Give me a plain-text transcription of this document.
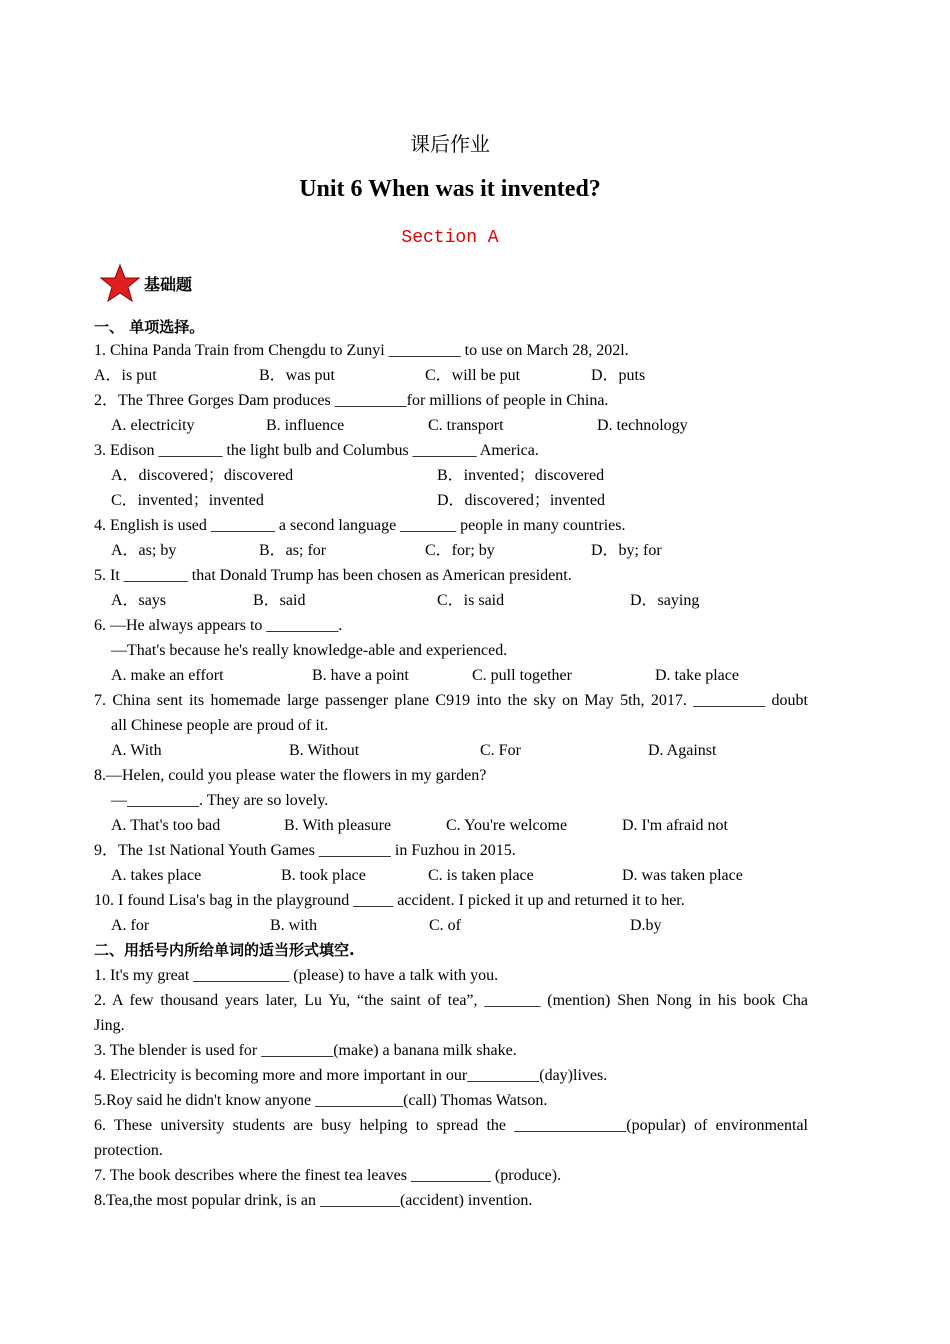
课后作业
Unit 6 When was it invented?
Section A
基础题
一、 单项选择。
1. China Panda Train from Chengdu to Zunyi _________ to use on March 28, 202l.
A．is put	B．was put	C．will be put	D．puts
2．The Three Gorges Dam produces _________for millions of people in China.
A. electricity	B. influence	C. transport	D. technology
3. Edison ________ the light bulb and Columbus ________ America.
A．discovered；discovered	B．invented；discovered
C．invented；invented	D．discovered；invented
4. English is used ________ a second language _______ people in many countries.
A．as; by	B．as; for	C．for; by	D．by; for
5. It ________ that Donald Trump has been chosen as American president.
A．says	B．said	C．is said	D．saying
6. —He always appears to _________.
—That's because he's really knowledge-able and experienced.
A. make an effort	B. have a point	C. pull together	D. take place
7. China sent its homemade large passenger plane C919 into the sky on May 5th, 2017. _________ doubt
all Chinese people are proud of it.
A. With	B. Without	C. For	D. Against
8.—Helen, could you please water the flowers in my garden?
—_________. They are so lovely.
A. That's too bad	B. With pleasure	C. You're welcome	D. I'm afraid not
9．The 1st National Youth Games _________ in Fuzhou in 2015.
A. takes place	B. took place	C. is taken place	D. was taken place
10. I found Lisa's bag in the playground _____ accident. I picked it up and returned it to her.
A. for	B. with	C. of	D.by
二、用括号内所给单词的适当形式填空.
1. It's my great ____________ (please) to have a talk with you.
2. A few thousand years later, Lu Yu, “the saint of tea”, _______ (mention) Shen Nong in his book Cha
Jing.
3. The blender is used for _________(make) a banana milk shake.
4. Electricity is becoming more and more important in our_________(day)lives.
5.Roy said he didn't know anyone ___________(call) Thomas Watson.
6. These university students are busy helping to spread the ______________(popular) of environmental
protection.
7. The book describes where the finest tea leaves __________ (produce).
8.Tea,the most popular drink, is an __________(accident) invention.
